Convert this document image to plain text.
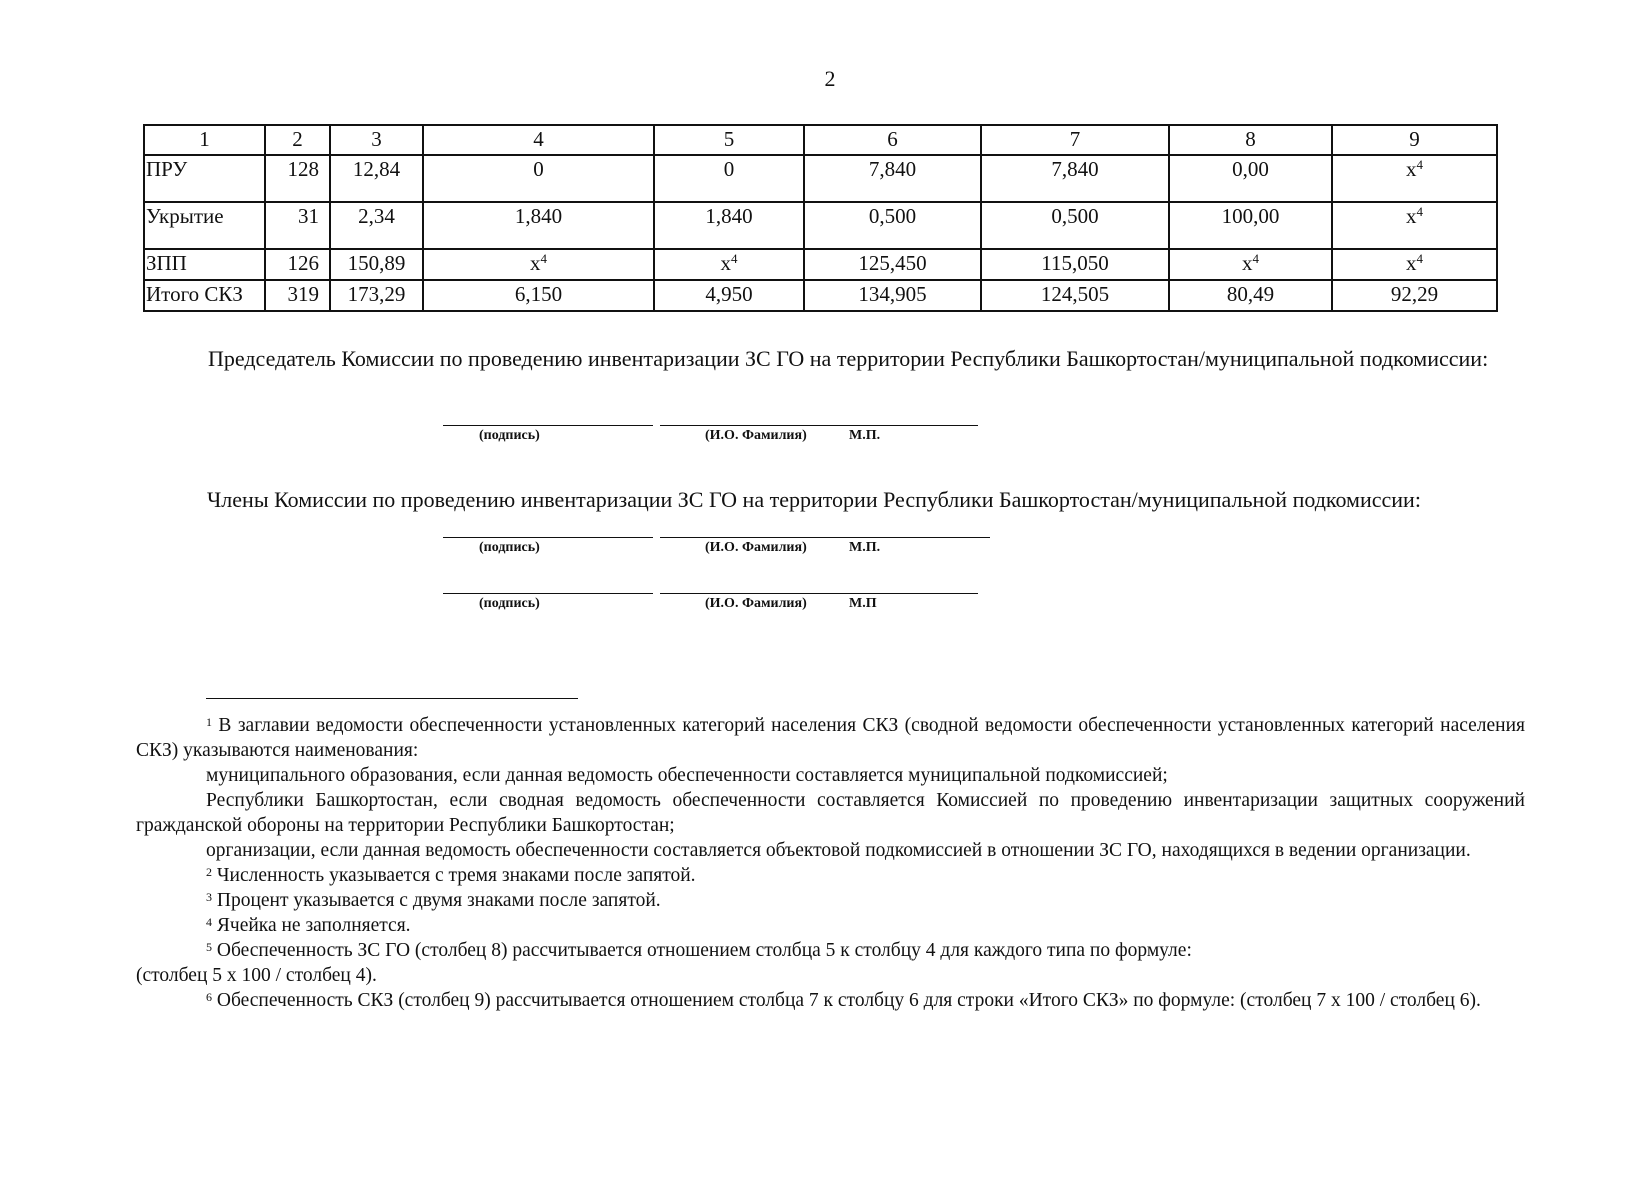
2
1	2	3	4	5	6	7	8	9
ПРУ	128	12,84	0	0	7,840	7,840	0,00	$x^4$
Укрытие	31	2,34	1,840	1,840	0,500	0,500	100,00	$x^4$
ЗПП	126	150,89	$x^4$	$x^4$	125,450	115,050	$x^4$	$x^4$
Итого СКЗ	319	173,29	6,150	4,950	134,905	124,505	80,49	92,29
Председатель Комиссии по проведению инвентаризации ЗС ГО на территории Республики Башкортостан/муниципальной подкомиссии:
(подпись)	(И.О. Фамилия)	М.П.
Члены Комиссии по проведению инвентаризации ЗС ГО на территории Республики Башкортостан/муниципальной подкомиссии:
(подпись)	(И.О. Фамилия)	М.П.
(подпись)	(И.О. Фамилия)	М.П

$^1$ В заглавии ведомости обеспеченности установленных категорий населения СКЗ (сводной ведомости обеспеченности установленных категорий населения СКЗ) указываются наименования:

муниципального образования, если данная ведомость обеспеченности составляется муниципальной подкомиссией;

Республики Башкортостан, если сводная ведомость обеспеченности составляется Комиссией по проведению инвентаризации защитных сооружений гражданской обороны на территории Республики Башкортостан;

организации, если данная ведомость обеспеченности составляется объектовой подкомиссией в отношении ЗС ГО, находящихся в ведении организации.

$^2$ Численность указывается с тремя знаками после запятой.

$^3$ Процент указывается с двумя знаками после запятой.

$^4$ Ячейка не заполняется.

$^5$ Обеспеченность ЗС ГО (столбец 8) рассчитывается отношением столбца 5 к столбцу 4 для каждого типа по формуле:

(столбец 5 х 100 / столбец 4).

$^6$ Обеспеченность СКЗ (столбец 9) рассчитывается отношением столбца 7 к столбцу 6 для строки «Итого СКЗ» по формуле: (столбец 7 х 100 / столбец 6).
